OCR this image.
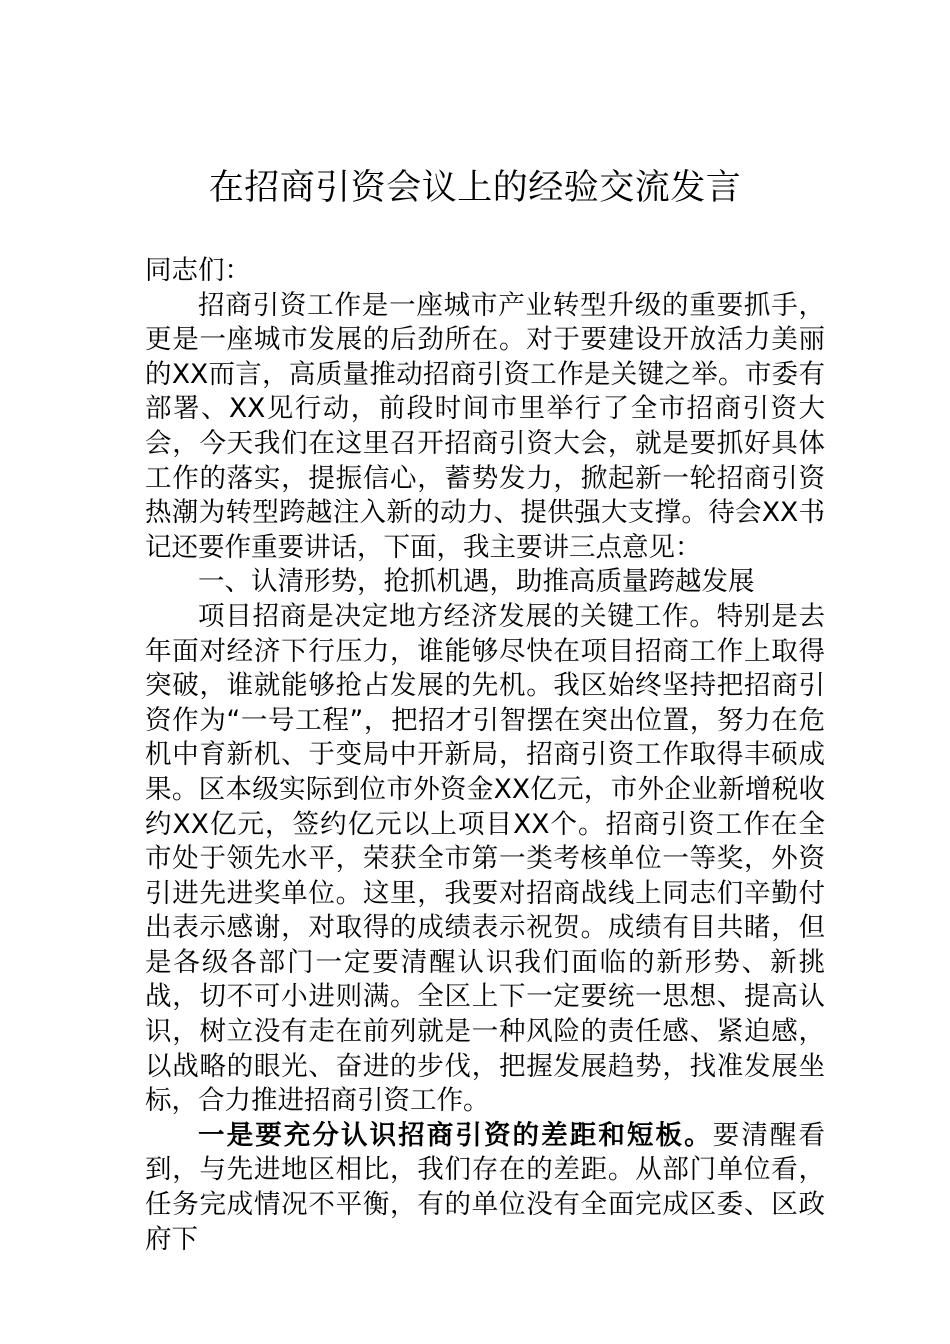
在招商引资会议上的经验交流发言

同志们：

招商引资工作是一座城市产业转型升级的重要抓手，更是一座城市发展的后劲所在。对于要建设开放活力美丽的XX而言，高质量推动招商引资工作是关键之举。市委有部署、XX见行动，前段时间市里举行了全市招商引资大会，今天我们在这里召开招商引资大会，就是要抓好具体工作的落实，提振信心，蓄势发力，掀起新一轮招商引资热潮为转型跨越注入新的动力、提供强大支撑。待会XX书记还要作重要讲话，下面，我主要讲三点意见：

一、认清形势，抢抓机遇，助推高质量跨越发展

项目招商是决定地方经济发展的关键工作。特别是去年面对经济下行压力，谁能够尽快在项目招商工作上取得突破，谁就能够抢占发展的先机。我区始终坚持把招商引资作为“一号工程”，把招才引智摆在突出位置，努力在危机中育新机、于变局中开新局，招商引资工作取得丰硕成果。区本级实际到位市外资金XX亿元，市外企业新增税收约XX亿元，签约亿元以上项目XX个。招商引资工作在全市处于领先水平，荣获全市第一类考核单位一等奖，外资引进先进奖单位。这里，我要对招商战线上同志们辛勤付出表示感谢，对取得的成绩表示祝贺。成绩有目共睹，但是各级各部门一定要清醒认识我们面临的新形势、新挑战，切不可小进则满。全区上下一定要统一思想、提高认识，树立没有走在前列就是一种风险的责任感、紧迫感，以战略的眼光、奋进的步伐，把握发展趋势，找准发展坐标，合力推进招商引资工作。

一是要充分认识招商引资的差距和短板。要清醒看到，与先进地区相比，我们存在的差距。从部门单位看，任务完成情况不平衡，有的单位没有全面完成区委、区政府下
